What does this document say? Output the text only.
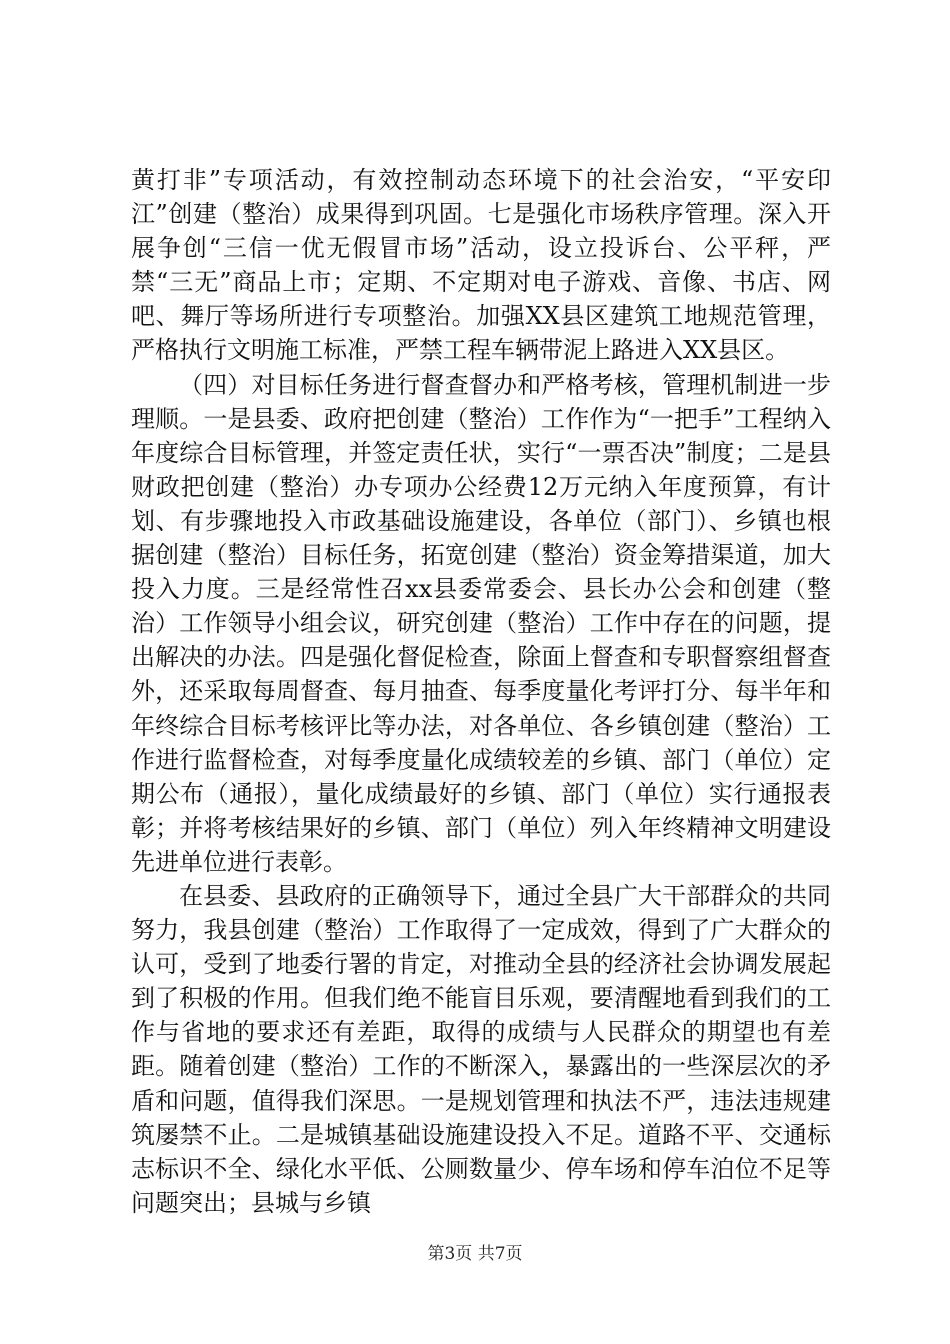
黄打非”专项活动，有效控制动态环境下的社会治安，“平安印江”创建（整治）成果得到巩固。七是强化市场秩序管理。深入开展争创“三信一优无假冒市场”活动，设立投诉台、公平秤，严禁“三无”商品上市；定期、不定期对电子游戏、音像、书店、网吧、舞厅等场所进行专项整治。加强XX县区建筑工地规范管理，严格执行文明施工标准，严禁工程车辆带泥上路进入XX县区。

（四）对目标任务进行督查督办和严格考核，管理机制进一步理顺。一是县委、政府把创建（整治）工作作为“一把手”工程纳入年度综合目标管理，并签定责任状，实行“一票否决”制度；二是县财政把创建（整治）办专项办公经费12万元纳入年度预算，有计划、有步骤地投入市政基础设施建设，各单位（部门）、乡镇也根据创建（整治）目标任务，拓宽创建（整治）资金筹措渠道，加大投入力度。三是经常性召xx县委常委会、县长办公会和创建（整治）工作领导小组会议，研究创建（整治）工作中存在的问题，提出解决的办法。四是强化督促检查，除面上督查和专职督察组督查外，还采取每周督查、每月抽查、每季度量化考评打分、每半年和年终综合目标考核评比等办法，对各单位、各乡镇创建（整治）工作进行监督检查，对每季度量化成绩较差的乡镇、部门（单位）定期公布（通报），量化成绩最好的乡镇、部门（单位）实行通报表彰；并将考核结果好的乡镇、部门（单位）列入年终精神文明建设先进单位进行表彰。

在县委、县政府的正确领导下，通过全县广大干部群众的共同努力，我县创建（整治）工作取得了一定成效，得到了广大群众的认可，受到了地委行署的肯定，对推动全县的经济社会协调发展起到了积极的作用。但我们绝不能盲目乐观，要清醒地看到我们的工作与省地的要求还有差距，取得的成绩与人民群众的期望也有差距。随着创建（整治）工作的不断深入，暴露出的一些深层次的矛盾和问题，值得我们深思。一是规划管理和执法不严，违法违规建筑屡禁不止。二是城镇基础设施建设投入不足。道路不平、交通标志标识不全、绿化水平低、公厕数量少、停车场和停车泊位不足等问题突出；县城与乡镇

第3页 共7页
